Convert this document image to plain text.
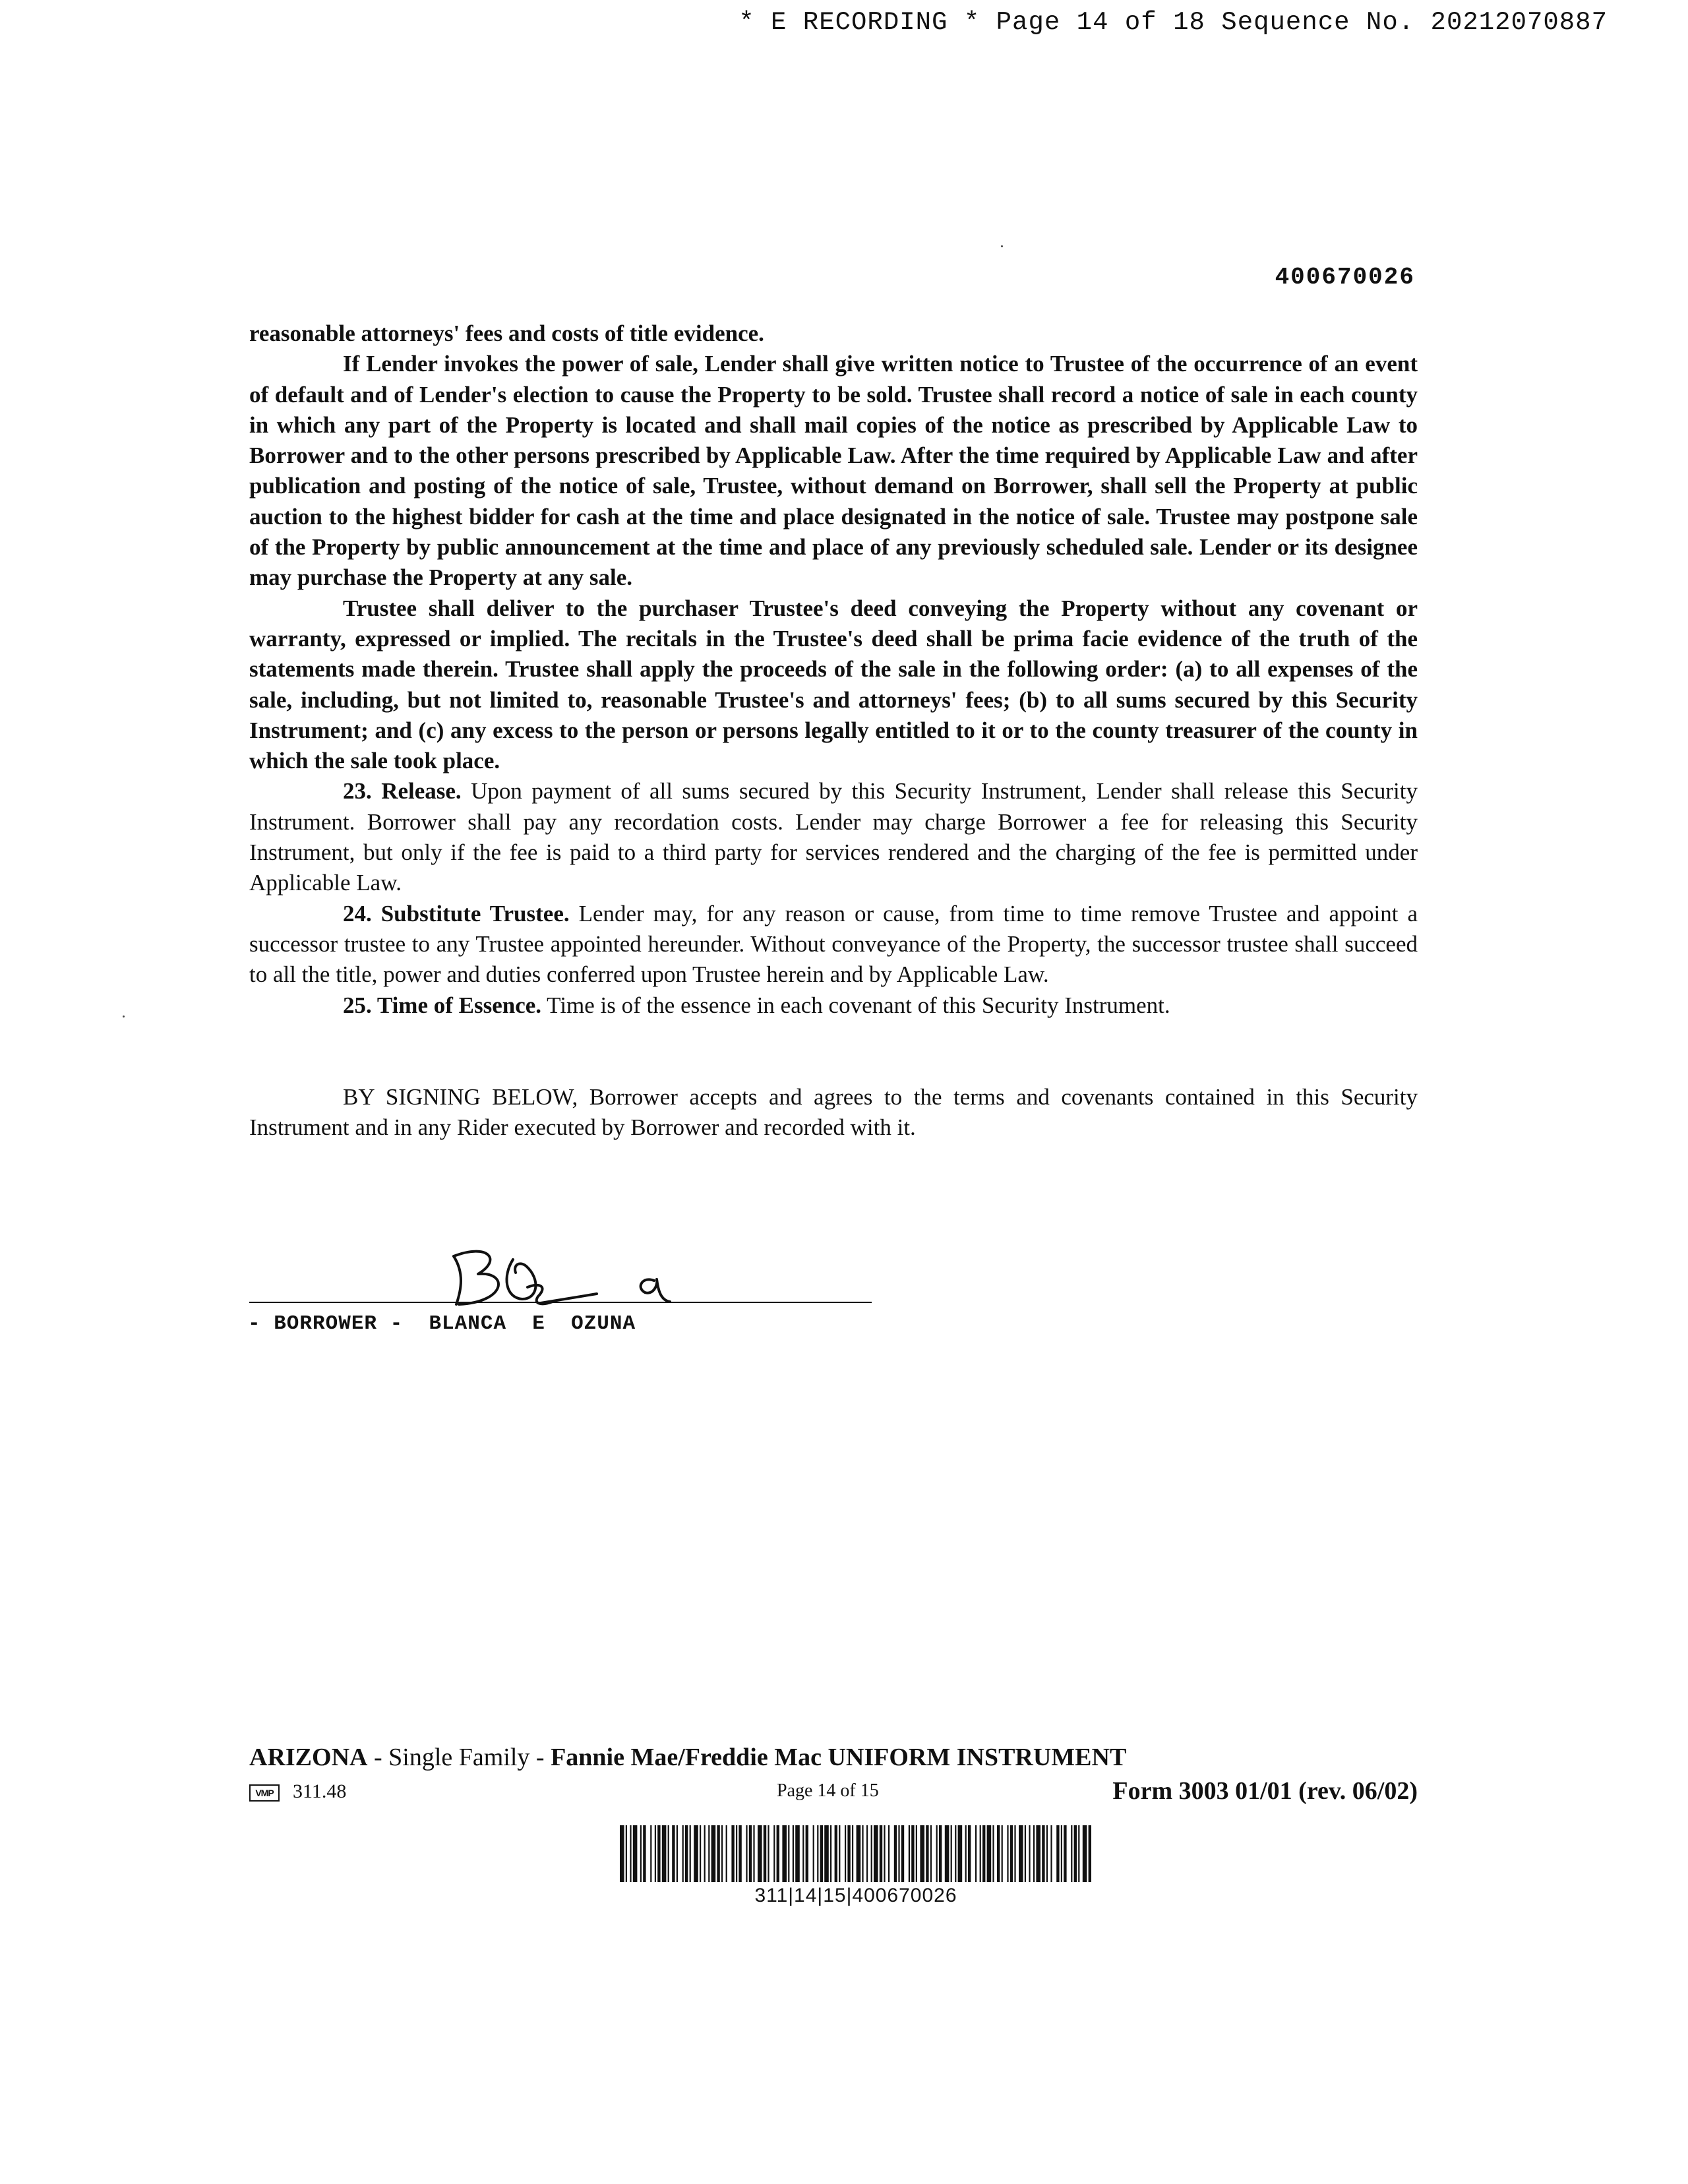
* E RECORDING * Page 14 of 18 Sequence No. 20212070887
400670026

reasonable attorneys' fees and costs of title evidence.

If Lender invokes the power of sale, Lender shall give written notice to Trustee of the occurrence of an event of default and of Lender's election to cause the Property to be sold. Trustee shall record a notice of sale in each county in which any part of the Property is located and shall mail copies of the notice as prescribed by Applicable Law to Borrower and to the other persons prescribed by Applicable Law. After the time required by Applicable Law and after publication and posting of the notice of sale, Trustee, without demand on Borrower, shall sell the Property at public auction to the highest bidder for cash at the time and place designated in the notice of sale. Trustee may postpone sale of the Property by public announcement at the time and place of any previously scheduled sale. Lender or its designee may purchase the Property at any sale.

Trustee shall deliver to the purchaser Trustee's deed conveying the Property without any covenant or warranty, expressed or implied. The recitals in the Trustee's deed shall be prima facie evidence of the truth of the statements made therein. Trustee shall apply the proceeds of the sale in the following order: (a) to all expenses of the sale, including, but not limited to, reasonable Trustee's and attorneys' fees; (b) to all sums secured by this Security Instrument; and (c) any excess to the person or persons legally entitled to it or to the county treasurer of the county in which the sale took place.

23. Release. Upon payment of all sums secured by this Security Instrument, Lender shall release this Security Instrument. Borrower shall pay any recordation costs. Lender may charge Borrower a fee for releasing this Security Instrument, but only if the fee is paid to a third party for services rendered and the charging of the fee is permitted under Applicable Law.

24. Substitute Trustee. Lender may, for any reason or cause, from time to time remove Trustee and appoint a successor trustee to any Trustee appointed hereunder. Without conveyance of the Property, the successor trustee shall succeed to all the title, power and duties conferred upon Trustee herein and by Applicable Law.

25. Time of Essence. Time is of the essence in each covenant of this Security Instrument.

BY SIGNING BELOW, Borrower accepts and agrees to the terms and covenants contained in this Security Instrument and in any Rider executed by Borrower and recorded with it.

- BORROWER -  BLANCA  E  OZUNA
ARIZONA - Single Family - Fannie Mae/Freddie Mac UNIFORM INSTRUMENT
VMP 311.48	Page 14 of 15	Form 3003 01/01 (rev. 06/02)
311|14|15|400670026
